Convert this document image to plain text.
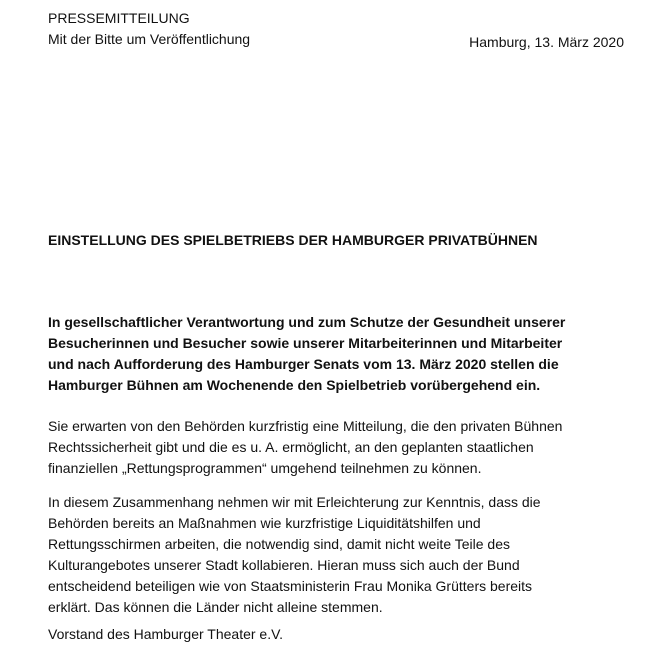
PRESSEMITTEILUNG
Mit der Bitte um Veröffentlichung	Hamburg, 13. März 2020
EINSTELLUNG DES SPIELBETRIEBS DER HAMBURGER PRIVATBÜHNEN
In gesellschaftlicher Verantwortung und zum Schutze der Gesundheit unserer
Besucherinnen und Besucher sowie unserer Mitarbeiterinnen und Mitarbeiter
und nach Aufforderung des Hamburger Senats vom 13. März 2020 stellen die
Hamburger Bühnen am Wochenende den Spielbetrieb vorübergehend ein.
Sie erwarten von den Behörden kurzfristig eine Mitteilung, die den privaten Bühnen
Rechtssicherheit gibt und die es u. A. ermöglicht, an den geplanten staatlichen
finanziellen „Rettungsprogrammen“ umgehend teilnehmen zu können.
In diesem Zusammenhang nehmen wir mit Erleichterung zur Kenntnis, dass die
Behörden bereits an Maßnahmen wie kurzfristige Liquiditätshilfen und
Rettungsschirmen arbeiten, die notwendig sind, damit nicht weite Teile des
Kulturangebotes unserer Stadt kollabieren. Hieran muss sich auch der Bund
entscheidend beteiligen wie von Staatsministerin Frau Monika Grütters bereits
erklärt. Das können die Länder nicht alleine stemmen.
Vorstand des Hamburger Theater e.V.
